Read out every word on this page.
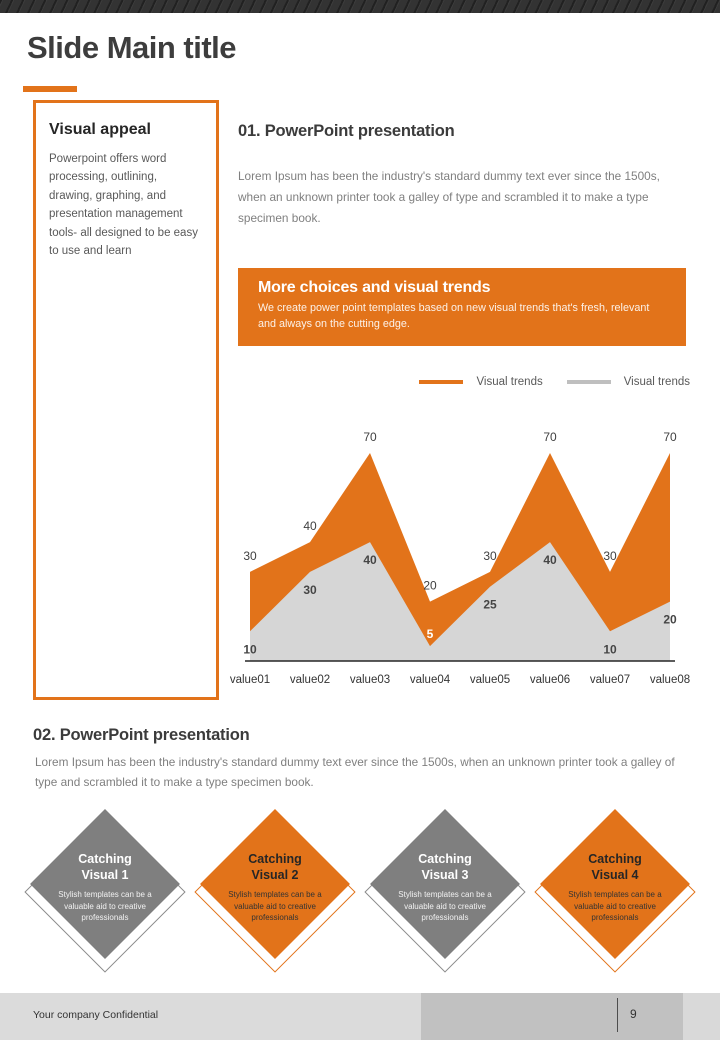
Slide Main title
Visual appeal
Powerpoint offers word processing, outlining, drawing, graphing, and presentation management tools- all designed to be easy to use and learn
01. PowerPoint presentation
Lorem Ipsum has been the industry's standard dummy text ever since the 1500s, when an unknown printer took a galley of type and scrambled it to make a type specimen book.
More choices and visual trends
We create power point templates based on new visual trends that's fresh, relevant and always on the cutting edge.
Visual trends	Visual trends
30
40
70
20
30
70
30
70
10
30
40
5
25
40
10
20
value01 value02 value03 value04 value05 value06 value07 value08
02. PowerPoint presentation
Lorem Ipsum has been the industry's standard dummy text ever since the 1500s, when an unknown printer took a galley of type and scrambled it to make a type specimen book.
Catching Visual 1
Stylish templates can be a valuable aid to creative professionals
Catching Visual 2
Stylish templates can be a valuable aid to creative professionals
Catching Visual 3
Stylish templates can be a valuable aid to creative professionals
Catching Visual 4
Stylish templates can be a valuable aid to creative professionals
Your company Confidential	9
